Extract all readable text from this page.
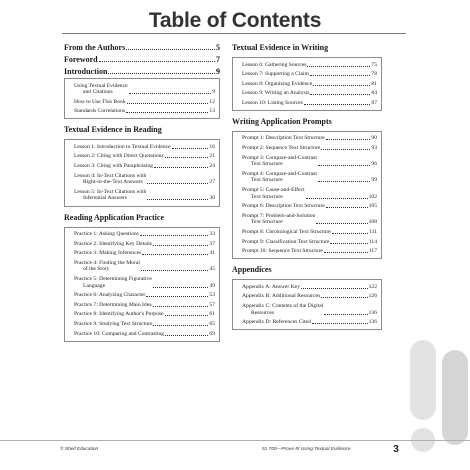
Table of Contents
From the Authors	5
Foreword	7
Introduction	9
Using Textual Evidence
and Citations	9
How to Use This Book	12
Standards Correlations	13
Textual Evidence in Reading
Lesson 1: Introduction to Textual Evidence	16
Lesson 2: Citing with Direct Quotations	21
Lesson 3: Citing with Paraphrasing	24
Lesson 4: In-Text Citations with
Right-in-the-Text Answers	27
Lesson 5: In-Text Citations with
Inferential Answers	30
Reading Application Practice
Practice 1: Asking Questions	33
Practice 2: Identifying Key Details	37
Practice 3: Making Inferences	41
Practice 4: Finding the Moral
of the Story	45
Practice 5: Determining Figurative
Language	49
Practice 6: Analyzing Character	53
Practice 7: Determining Main Idea	57
Practice 8: Identifying Author's Purpose	61
Practice 9: Studying Text Structure	65
Practice 10: Comparing and Contrasting	69
Textual Evidence in Writing
Lesson 6: Gathering Sources	75
Lesson 7: Supporting a Claim	78
Lesson 8: Organizing Evidence	81
Lesson 9: Writing an Analysis	84
Lesson 10: Listing Sources	87
Writing Application Prompts
Prompt 1: Description Text Structure	90
Prompt 2: Sequence Text Structure	93
Prompt 3: Compare-and-Contrast
Text Structure	96
Prompt 4: Compare-and-Contrast
Text Structure	99
Prompt 5: Cause-and-Effect
Text Structure	102
Prompt 6: Description Text Structure	105
Prompt 7: Problem-and-Solution
Text Structure	108
Prompt 8: Chronological Text Structure	111
Prompt 9: Classification Text Structure	114
Prompt 10: Sequence Text Structure	117
Appendices
Appendix A: Answer Key	122
Appendix B: Additional Resources	126
Appendix C: Contents of the Digital
Resources	136
Appendix D: References Cited	136
© Shell Education	51 700—Prove It! Using Textual Evidence	3
